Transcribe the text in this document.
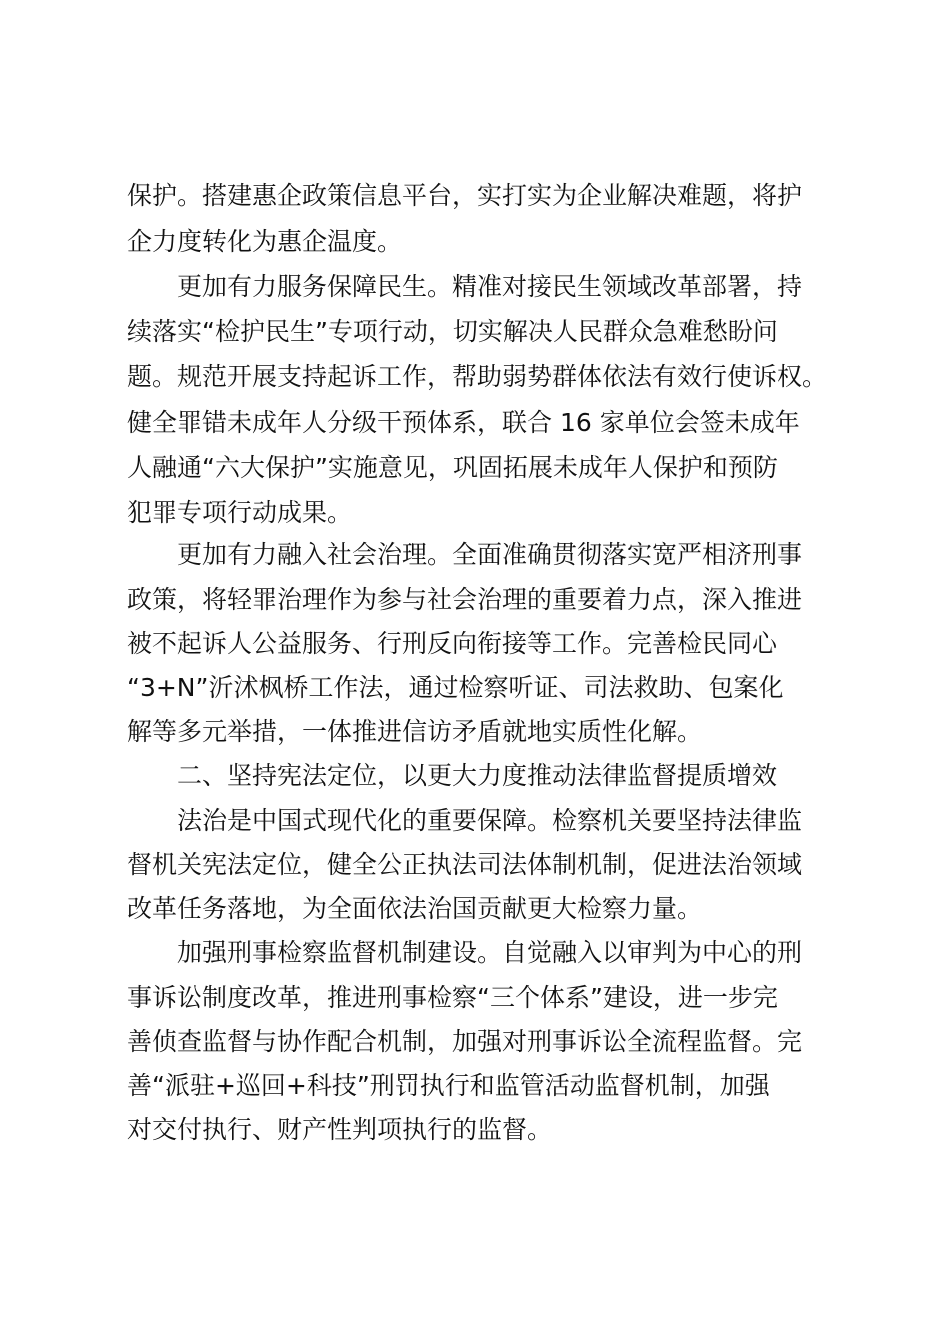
保护。搭建惠企政策信息平台，实打实为企业解决难题，将护
企力度转化为惠企温度。
更加有力服务保障民生。精准对接民生领域改革部署，持
续落实“检护民生”专项行动，切实解决人民群众急难愁盼问
题。规范开展支持起诉工作，帮助弱势群体依法有效行使诉权。
健全罪错未成年人分级干预体系，联合 16 家单位会签未成年
人融通“六大保护”实施意见，巩固拓展未成年人保护和预防
犯罪专项行动成果。
更加有力融入社会治理。全面准确贯彻落实宽严相济刑事
政策，将轻罪治理作为参与社会治理的重要着力点，深入推进
被不起诉人公益服务、行刑反向衔接等工作。完善检民同心
“3+N”沂沭枫桥工作法，通过检察听证、司法救助、包案化
解等多元举措，一体推进信访矛盾就地实质性化解。
二、坚持宪法定位，以更大力度推动法律监督提质增效
法治是中国式现代化的重要保障。检察机关要坚持法律监
督机关宪法定位，健全公正执法司法体制机制，促进法治领域
改革任务落地，为全面依法治国贡献更大检察力量。
加强刑事检察监督机制建设。自觉融入以审判为中心的刑
事诉讼制度改革，推进刑事检察“三个体系”建设，进一步完
善侦查监督与协作配合机制，加强对刑事诉讼全流程监督。完
善“派驻+巡回+科技”刑罚执行和监管活动监督机制，加强
对交付执行、财产性判项执行的监督。
